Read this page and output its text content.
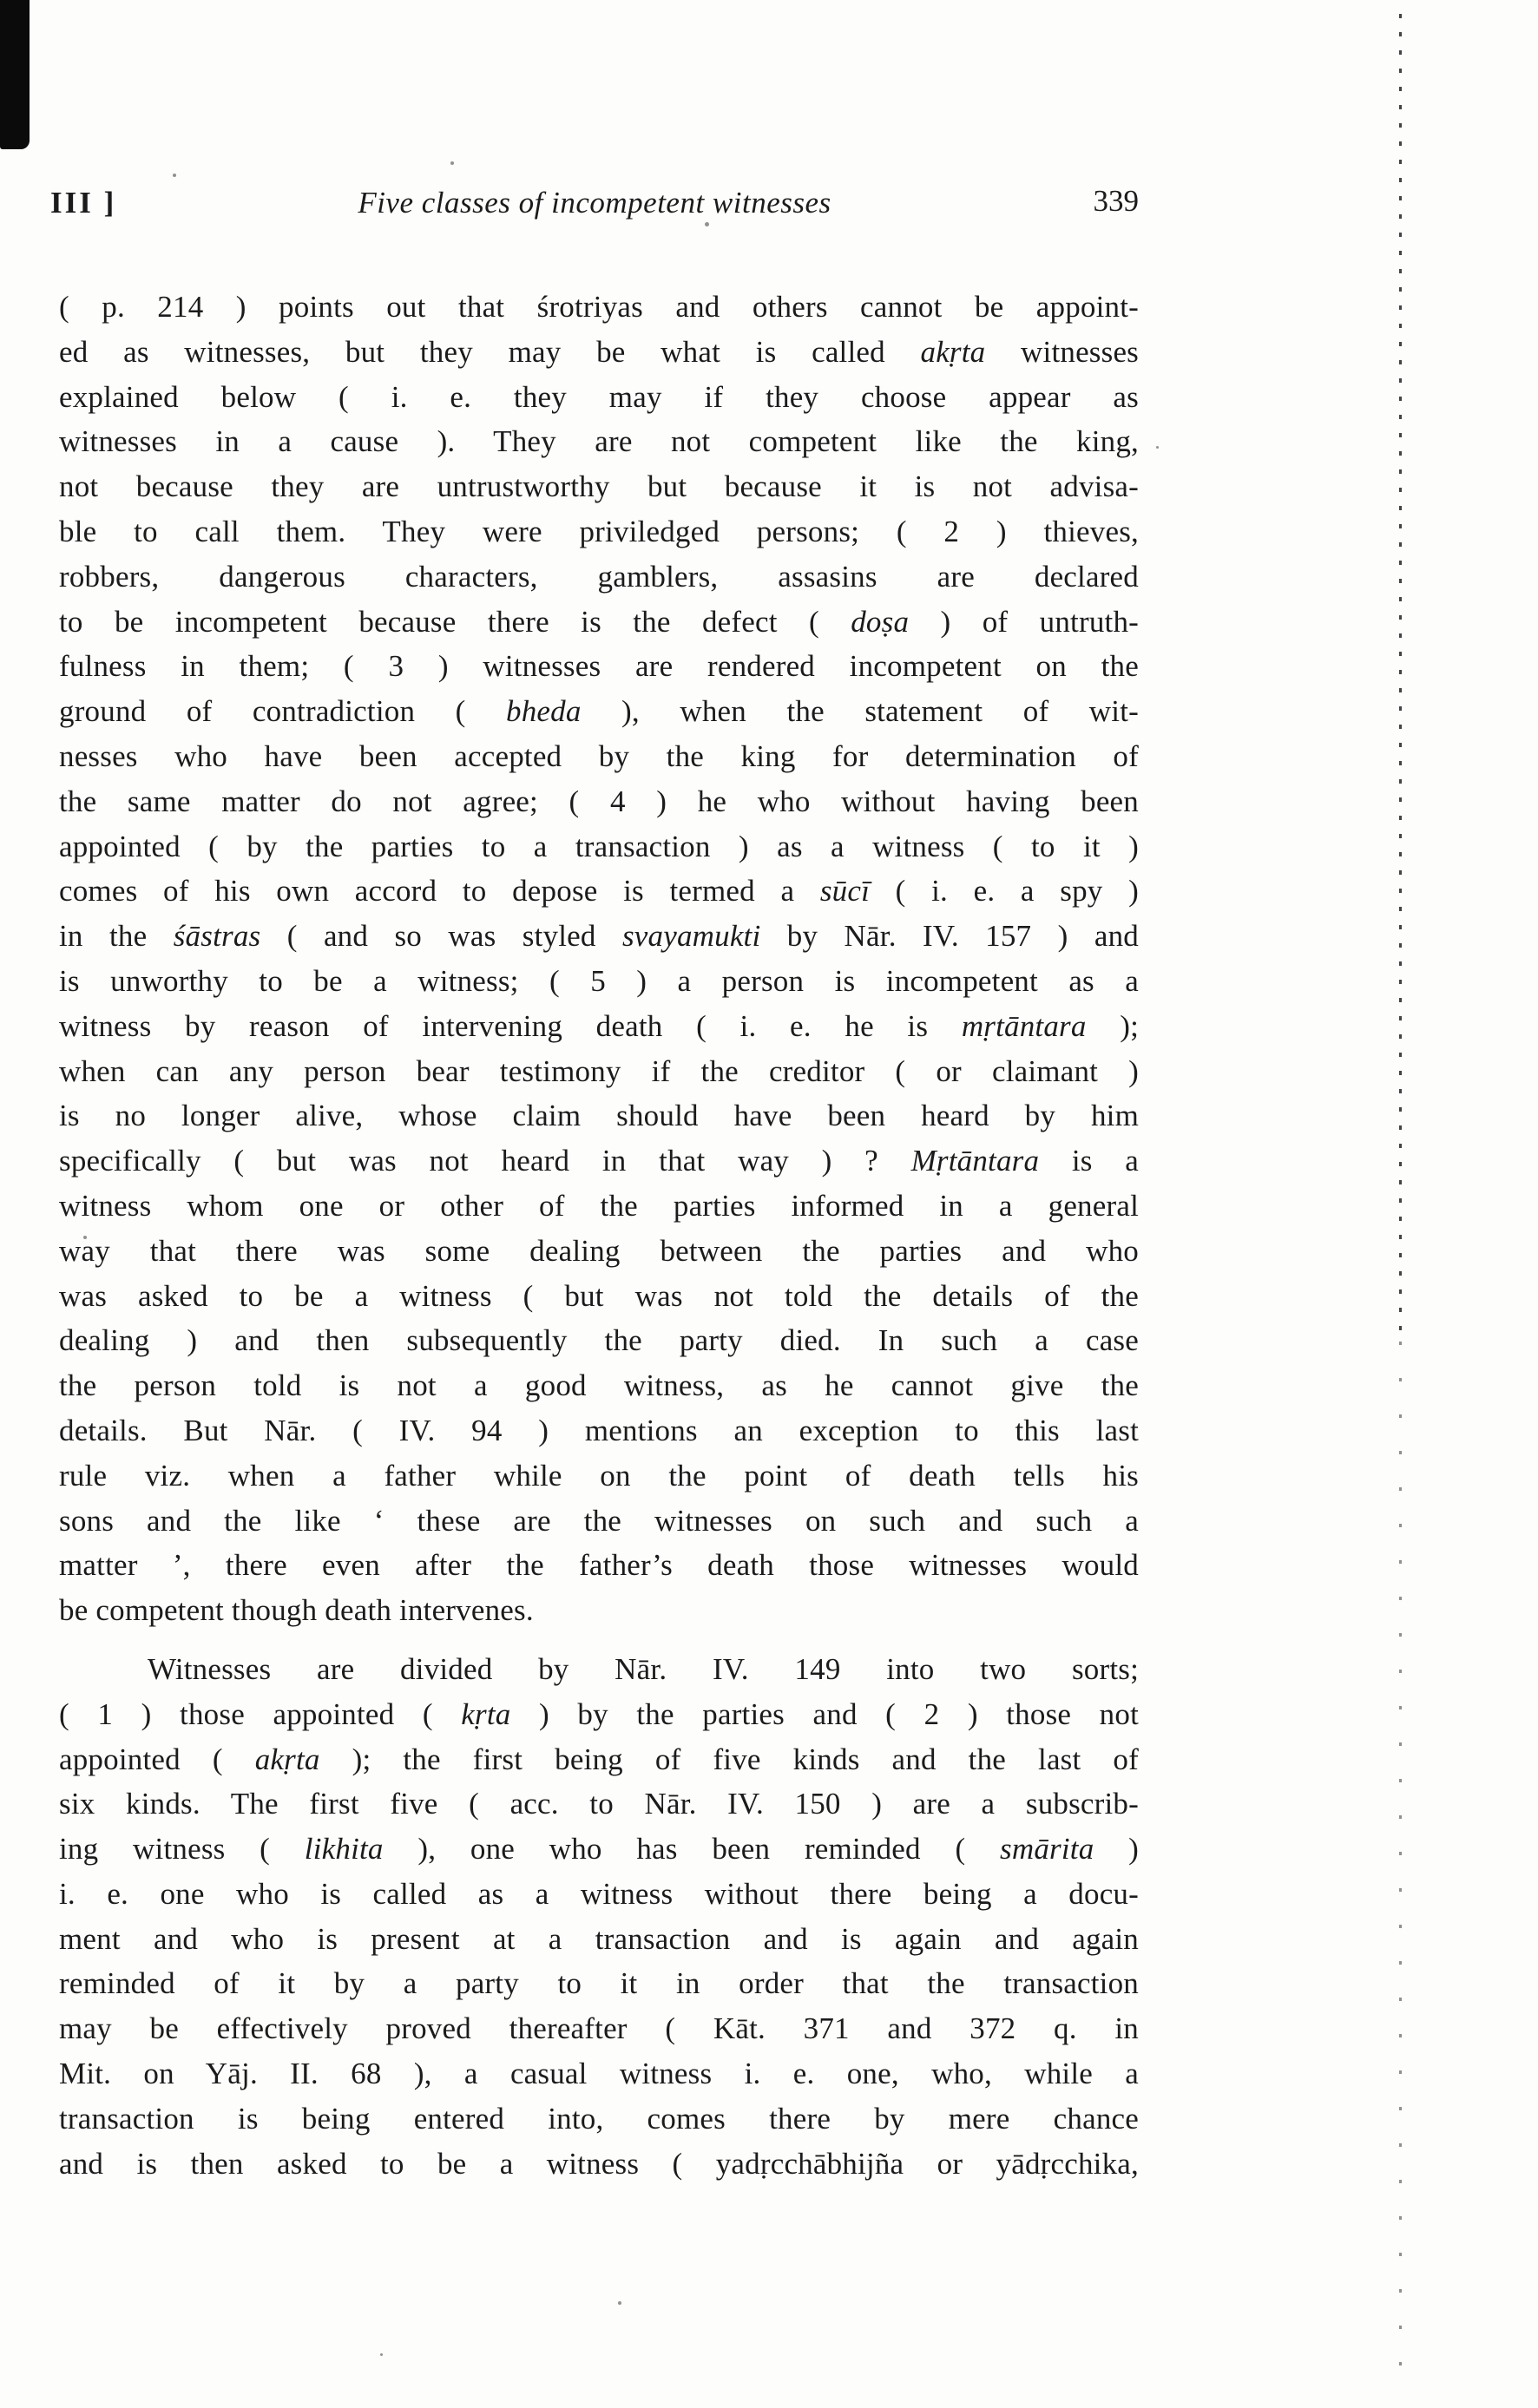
III ]	Five classes of incompetent witnesses	339
( p. 214 ) points out that śrotriyas and others cannot be appoint-
ed as witnesses, but they may be what is called akṛta witnesses
explained below ( i. e. they may if they choose appear as
witnesses in a cause ). They are not competent like the king,
not because they are untrustworthy but because it is not advisa-
ble to call them. They were priviledged persons; ( 2 ) thieves,
robbers, dangerous characters, gamblers, assasins are declared
to be incompetent because there is the defect ( doṣa ) of untruth-
fulness in them; ( 3 ) witnesses are rendered incompetent on the
ground of contradiction ( bheda ), when the statement of wit-
nesses who have been accepted by the king for determination of
the same matter do not agree; ( 4 ) he who without having been
appointed ( by the parties to a transaction ) as a witness ( to it )
comes of his own accord to depose is termed a sūcī ( i. e. a spy )
in the śāstras ( and so was styled svayamukti by Nār. IV. 157 ) and
is unworthy to be a witness; ( 5 ) a person is incompetent as a
witness by reason of intervening death ( i. e. he is mṛtāntara );
when can any person bear testimony if the creditor ( or claimant )
is no longer alive, whose claim should have been heard by him
specifically ( but was not heard in that way ) ? Mṛtāntara is a
witness whom one or other of the parties informed in a general
way that there was some dealing between the parties and who
was asked to be a witness ( but was not told the details of the
dealing ) and then subsequently the party died. In such a case
the person told is not a good witness, as he cannot give the
details. But Nār. ( IV. 94 ) mentions an exception to this last
rule viz. when a father while on the point of death tells his
sons and the like ‘ these are the witnesses on such and such a
matter ’, there even after the father’s death those witnesses would
be competent though death intervenes.
Witnesses are divided by Nār. IV. 149 into two sorts;
( 1 ) those appointed ( kṛta ) by the parties and ( 2 ) those not
appointed ( akṛta ); the first being of five kinds and the last of
six kinds. The first five ( acc. to Nār. IV. 150 ) are a subscrib-
ing witness ( likhita ), one who has been reminded ( smārita )
i. e. one who is called as a witness without there being a docu-
ment and who is present at a transaction and is again and again
reminded of it by a party to it in order that the transaction
may be effectively proved thereafter ( Kāt. 371 and 372 q. in
Mit. on Yāj. II. 68 ), a casual witness i. e. one, who, while a
transaction is being entered into, comes there by mere chance
and is then asked to be a witness ( yadṛcchābhijña or yādṛcchika,
